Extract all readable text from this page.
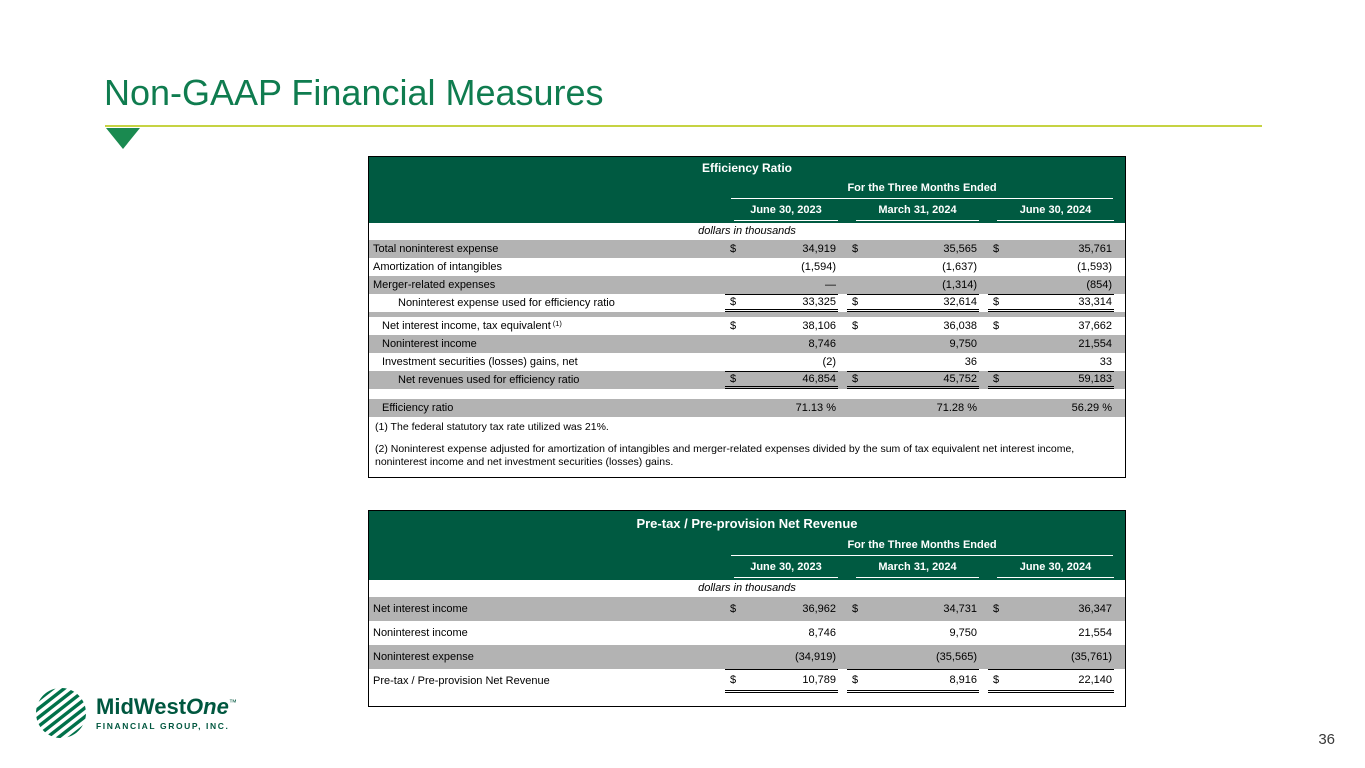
Non-GAAP Financial Measures
Efficiency Ratio
For the Three Months Ended
June 30, 2023	March 31, 2024	June 30, 2024
dollars in thousands
Total noninterest expense	$	34,919	$	35,565	$	35,761
Amortization of intangibles	(1,594)	(1,637)	(1,593)
Merger-related expenses	—	(1,314)	(854)
Noninterest expense used for efficiency ratio	$	33,325	$	32,614	$	33,314
Net interest income, tax equivalent $^{(1)}$	$	38,106	$	36,038	$	37,662
Noninterest income	8,746	9,750	21,554
Investment securities (losses) gains, net	(2)	36	33
Net revenues used for efficiency ratio	$	46,854	$	45,752	$	59,183
Efficiency ratio	71.13 %	71.28 %	56.29 %
(1) The federal statutory tax rate utilized was 21%.
(2) Noninterest expense adjusted for amortization of intangibles and merger-related expenses divided by the sum of tax equivalent net interest income, noninterest income and net investment securities (losses) gains.
Pre-tax / Pre-provision Net Revenue
For the Three Months Ended
June 30, 2023	March 31, 2024	June 30, 2024
dollars in thousands
Net interest income	$	36,962	$	34,731	$	36,347
Noninterest income	8,746	9,750	21,554
Noninterest expense	(34,919)	(35,565)	(35,761)
Pre-tax / Pre-provision Net Revenue	$	10,789	$	8,916	$	22,140
MidWestOne™
FINANCIAL GROUP, INC.
36
